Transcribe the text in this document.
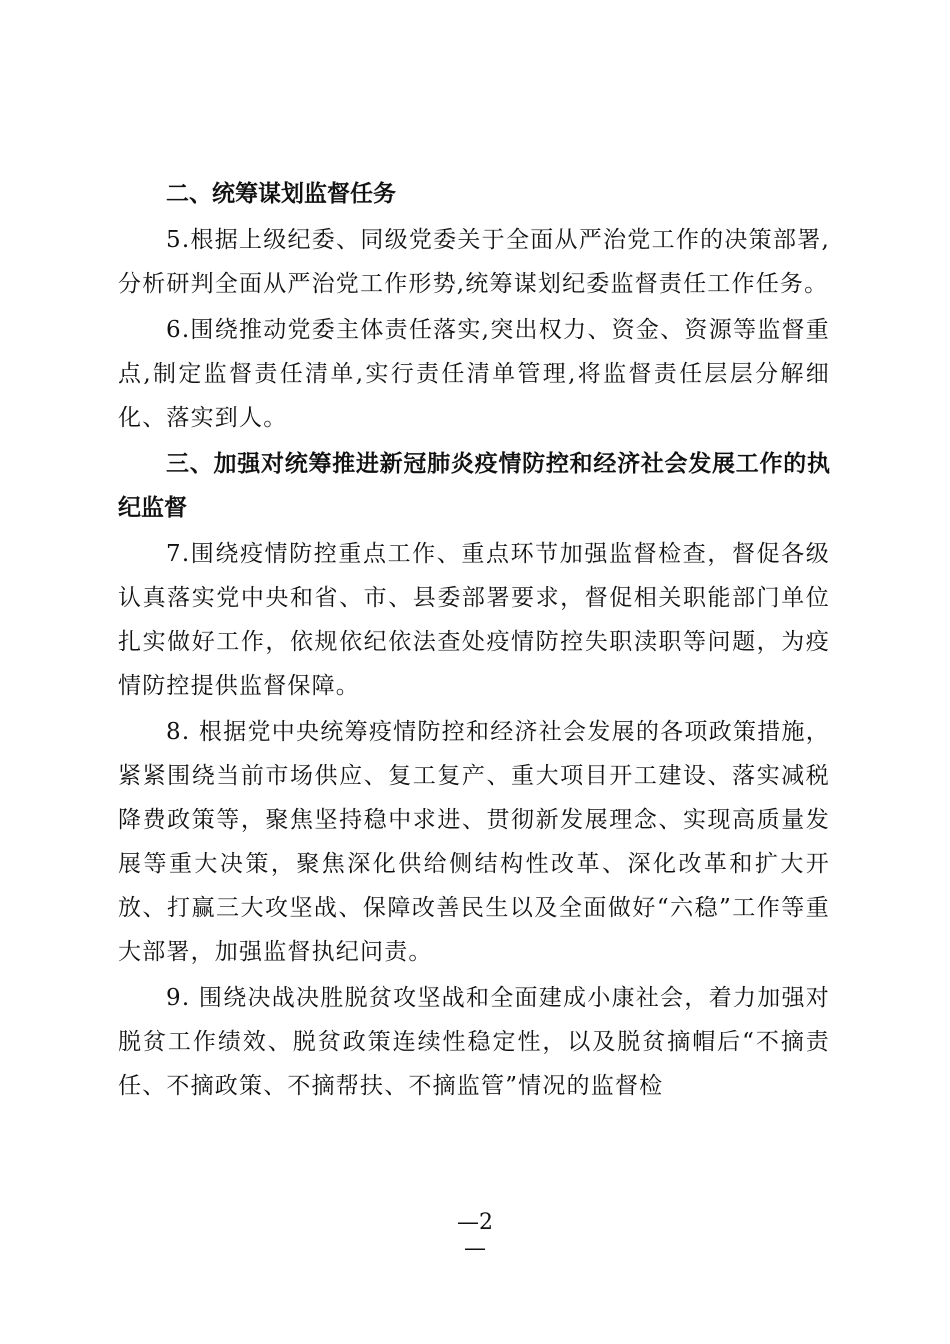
二、统筹谋划监督任务

5.根据上级纪委、同级党委关于全面从严治党工作的决策部署,分析研判全面从严治党工作形势,统筹谋划纪委监督责任工作任务。

6.围绕推动党委主体责任落实,突出权力、资金、资源等监督重点,制定监督责任清单,实行责任清单管理,将监督责任层层分解细化、落实到人。

三、加强对统筹推进新冠肺炎疫情防控和经济社会发展工作的执纪监督

7.围绕疫情防控重点工作、重点环节加强监督检查，督促各级认真落实党中央和省、市、县委部署要求，督促相关职能部门单位扎实做好工作，依规依纪依法查处疫情防控失职渎职等问题，为疫情防控提供监督保障。

8. 根据党中央统筹疫情防控和经济社会发展的各项政策措施，紧紧围绕当前市场供应、复工复产、重大项目开工建设、落实减税降费政策等，聚焦坚持稳中求进、贯彻新发展理念、实现高质量发展等重大决策，聚焦深化供给侧结构性改革、深化改革和扩大开放、打赢三大攻坚战、保障改善民生以及全面做好“六稳”工作等重大部署，加强监督执纪问责。

9. 围绕决战决胜脱贫攻坚战和全面建成小康社会，着力加强对脱贫工作绩效、脱贫政策连续性稳定性，以及脱贫摘帽后“不摘责任、不摘政策、不摘帮扶、不摘监管”情况的监督检

—2
—
